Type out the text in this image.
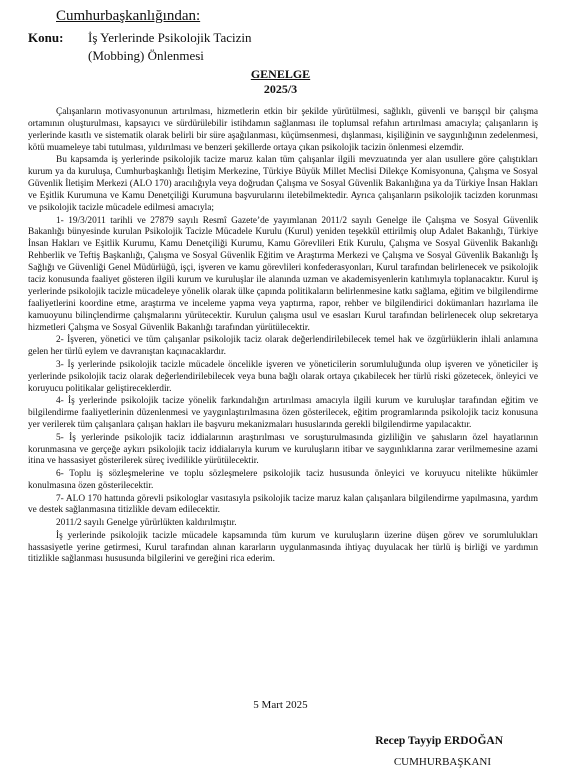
Cumhurbaşkanlığından:
Konu:	İş Yerlerinde Psikolojik Tacizin
(Mobbing) Önlenmesi
GENELGE
2025/3

Çalışanların motivasyonunun artırılması, hizmetlerin etkin bir şekilde yürütülmesi, sağlıklı, güvenli ve barışçıl bir çalışma ortamının oluşturulması, kapsayıcı ve sürdürülebilir istihdamın sağlanması ile toplumsal refahın artırılması amacıyla; çalışanların iş yerlerinde kasıtlı ve sistematik olarak belirli bir süre aşağılanması, küçümsenmesi, dışlanması, kişiliğinin ve saygınlığının zedelenmesi, kötü muameleye tabi tutulması, yıldırılması ve benzeri şekillerde ortaya çıkan psikolojik tacizin önlenmesi elzemdir.

Bu kapsamda iş yerlerinde psikolojik tacize maruz kalan tüm çalışanlar ilgili mevzuatında yer alan usullere göre çalıştıkları kurum ya da kuruluşa, Cumhurbaşkanlığı İletişim Merkezine, Türkiye Büyük Millet Meclisi Dilekçe Komisyonuna, Çalışma ve Sosyal Güvenlik İletişim Merkezi (ALO 170) aracılığıyla veya doğrudan Çalışma ve Sosyal Güvenlik Bakanlığına ya da Türkiye İnsan Hakları ve Eşitlik Kurumuna ve Kamu Denetçiliği Kurumuna başvurularını iletebilmektedir. Ayrıca çalışanların psikolojik tacizden korunması ve psikolojik tacizle mücadele edilmesi amacıyla;

1- 19/3/2011 tarihli ve 27879 sayılı Resmî Gazete’de yayımlanan 2011/2 sayılı Genelge ile Çalışma ve Sosyal Güvenlik Bakanlığı bünyesinde kurulan Psikolojik Tacizle Mücadele Kurulu (Kurul) yeniden teşekkül ettirilmiş olup Adalet Bakanlığı, Türkiye İnsan Hakları ve Eşitlik Kurumu, Kamu Denetçiliği Kurumu, Kamu Görevlileri Etik Kurulu, Çalışma ve Sosyal Güvenlik Bakanlığı Rehberlik ve Teftiş Başkanlığı, Çalışma ve Sosyal Güvenlik Eğitim ve Araştırma Merkezi ve Çalışma ve Sosyal Güvenlik Bakanlığı İş Sağlığı ve Güvenliği Genel Müdürlüğü, işçi, işveren ve kamu görevlileri konfederasyonları, Kurul tarafından belirlenecek ve psikolojik taciz konusunda faaliyet gösteren ilgili kurum ve kuruluşlar ile alanında uzman ve akademisyenlerin katılımıyla toplanacaktır. Kurul iş yerlerinde psikolojik tacizle mücadeleye yönelik olarak ülke çapında politikaların belirlenmesine katkı sağlama, eğitim ve bilgilendirme faaliyetlerini koordine etme, araştırma ve inceleme yapma veya yaptırma, rapor, rehber ve bilgilendirici dokümanları hazırlama ile kamuoyunu bilinçlendirme çalışmalarını yürütecektir. Kurulun çalışma usul ve esasları Kurul tarafından belirlenecek olup sekretarya hizmetleri Çalışma ve Sosyal Güvenlik Bakanlığı tarafından yürütülecektir.

2- İşveren, yönetici ve tüm çalışanlar psikolojik taciz olarak değerlendirilebilecek temel hak ve özgürlüklerin ihlali anlamına gelen her türlü eylem ve davranıştan kaçınacaklardır.

3- İş yerlerinde psikolojik tacizle mücadele öncelikle işveren ve yöneticilerin sorumluluğunda olup işveren ve yöneticiler iş yerlerinde psikolojik taciz olarak değerlendirilebilecek veya buna bağlı olarak ortaya çıkabilecek her türlü riski gözetecek, önleyici ve koruyucu politikalar geliştireceklerdir.

4- İş yerlerinde psikolojik tacize yönelik farkındalığın artırılması amacıyla ilgili kurum ve kuruluşlar tarafından eğitim ve bilgilendirme faaliyetlerinin düzenlenmesi ve yaygınlaştırılmasına özen gösterilecek, eğitim programlarında psikolojik taciz konusuna yer verilerek tüm çalışanlara çalışan hakları ile başvuru mekanizmaları hususlarında gerekli bilgilendirme yapılacaktır.

5- İş yerlerinde psikolojik taciz iddialarının araştırılması ve soruşturulmasında gizliliğin ve şahısların özel hayatlarının korunmasına ve gerçeğe aykırı psikolojik taciz iddialarıyla kurum ve kuruluşların itibar ve saygınlıklarına zarar verilmemesine azami itina ve hassasiyet gösterilerek süreç ivedilikle yürütülecektir.

6- Toplu iş sözleşmelerine ve toplu sözleşmelere psikolojik taciz hususunda önleyici ve koruyucu nitelikte hükümler konulmasına özen gösterilecektir.

7- ALO 170 hattında görevli psikologlar vasıtasıyla psikolojik tacize maruz kalan çalışanlara bilgilendirme yapılmasına, yardım ve destek sağlanmasına titizlikle devam edilecektir.

2011/2 sayılı Genelge yürürlükten kaldırılmıştır.

İş yerlerinde psikolojik tacizle mücadele kapsamında tüm kurum ve kuruluşların üzerine düşen görev ve sorumlulukları hassasiyetle yerine getirmesi, Kurul tarafından alınan kararların uygulanmasında ihtiyaç duyulacak her türlü iş birliği ve yardımın titizlikle sağlanması hususunda bilgilerini ve gereğini rica ederim.

5 Mart 2025
Recep Tayyip ERDOĞAN
CUMHURBAŞKANI
